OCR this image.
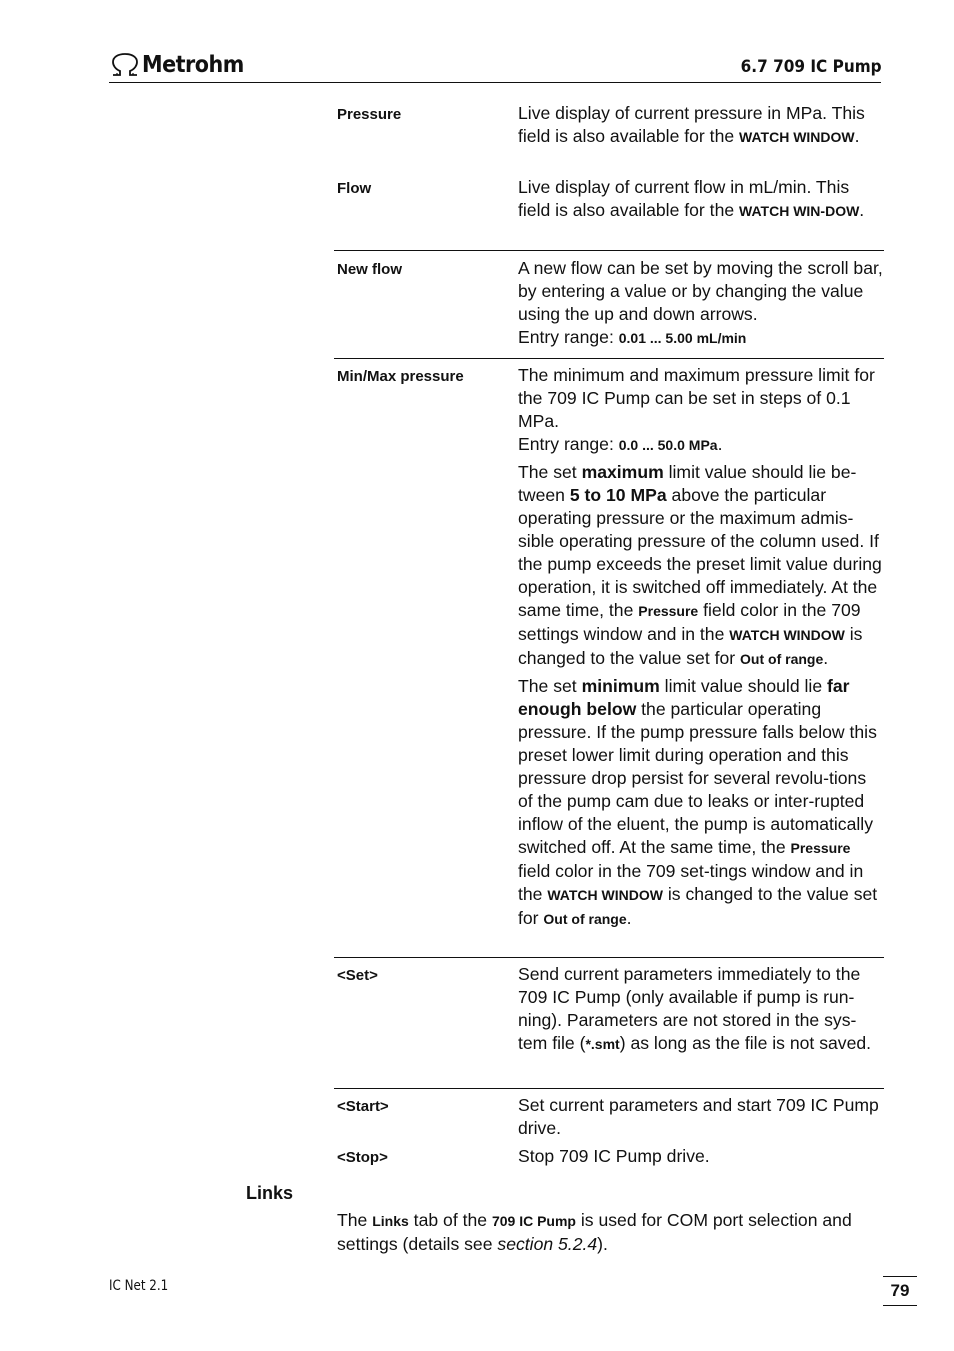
Metrohm	6.7 709 IC Pump
Pressure	Live display of current pressure in MPa. This field is also available for the WATCH WINDOW.

Flow	Live display of current flow in mL/min. This field is also available for the WATCH WIN-DOW.

New flow	A new flow can be set by moving the scroll bar, by entering a value or by changing the value using the up and down arrows.
Entry range: 0.01 ... 5.00 mL/min

Min/Max pressure	The minimum and maximum pressure limit for the 709 IC Pump can be set in steps of 0.1 MPa.
Entry range: 0.0 ... 50.0 MPa.

The set maximum limit value should lie be-tween 5 to 10 MPa above the particular operating pressure or the maximum admis-sible operating pressure of the column used. If the pump exceeds the preset limit value during operation, it is switched off immediately. At the same time, the Pressure field color in the 709 settings window and in the WATCH WINDOW is changed to the value set for Out of range.

The set minimum limit value should lie far enough below the particular operating pressure. If the pump pressure falls below this preset lower limit during operation and this pressure drop persist for several revolu-tions of the pump cam due to leaks or inter-rupted inflow of the eluent, the pump is automatically switched off. At the same time, the Pressure field color in the 709 set-tings window and in the WATCH WINDOW is changed to the value set for Out of range.

<Set>	Send current parameters immediately to the 709 IC Pump (only available if pump is run-ning). Parameters are not stored in the sys-tem file (*.smt) as long as the file is not saved.

<Start>	Set current parameters and start 709 IC Pump drive.

<Stop>	Stop 709 IC Pump drive.

Links

The Links tab of the 709 IC Pump is used for COM port selection and settings (details see section 5.2.4).

IC Net 2.1	79
